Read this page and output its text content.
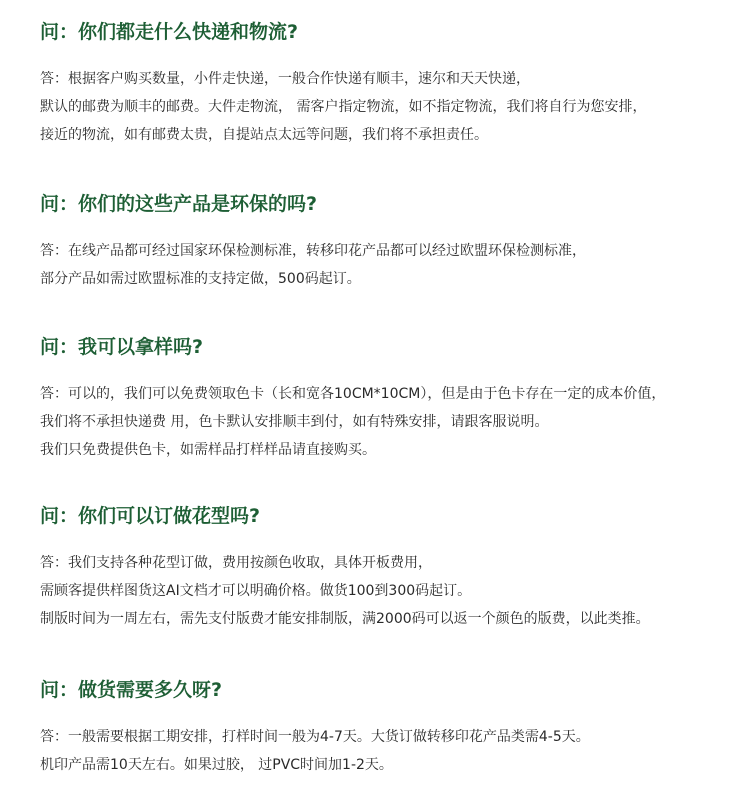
问：你们都走什么快递和物流?
答：根据客户购买数量，小件走快递，一般合作快递有顺丰，速尔和天天快递，
默认的邮费为顺丰的邮费。大件走物流， 需客户指定物流，如不指定物流，我们将自行为您安排，
接近的物流，如有邮费太贵，自提站点太远等问题，我们将不承担责任。
问：你们的这些产品是环保的吗?
答：在线产品都可经过国家环保检测标准，转移印花产品都可以经过欧盟环保检测标准，
部分产品如需过欧盟标准的支持定做，500码起订。
问：我可以拿样吗?
答：可以的，我们可以免费领取色卡（长和宽各10CM*10CM），但是由于色卡存在一定的成本价值，
我们将不承担快递费 用，色卡默认安排顺丰到付，如有特殊安排，请跟客服说明。
我们只免费提供色卡，如需样品打样样品请直接购买。
问：你们可以订做花型吗?
答：我们支持各种花型订做，费用按颜色收取，具体开板费用，
需顾客提供样图货这AI文档才可以明确价格。做货100到300码起订。
制版时间为一周左右，需先支付版费才能安排制版，满2000码可以返一个颜色的版费，以此类推。
问：做货需要多久呀?
答：一般需要根据工期安排，打样时间一般为4-7天。大货订做转移印花产品类需4-5天。
机印产品需10天左右。如果过胶， 过PVC时间加1-2天。
